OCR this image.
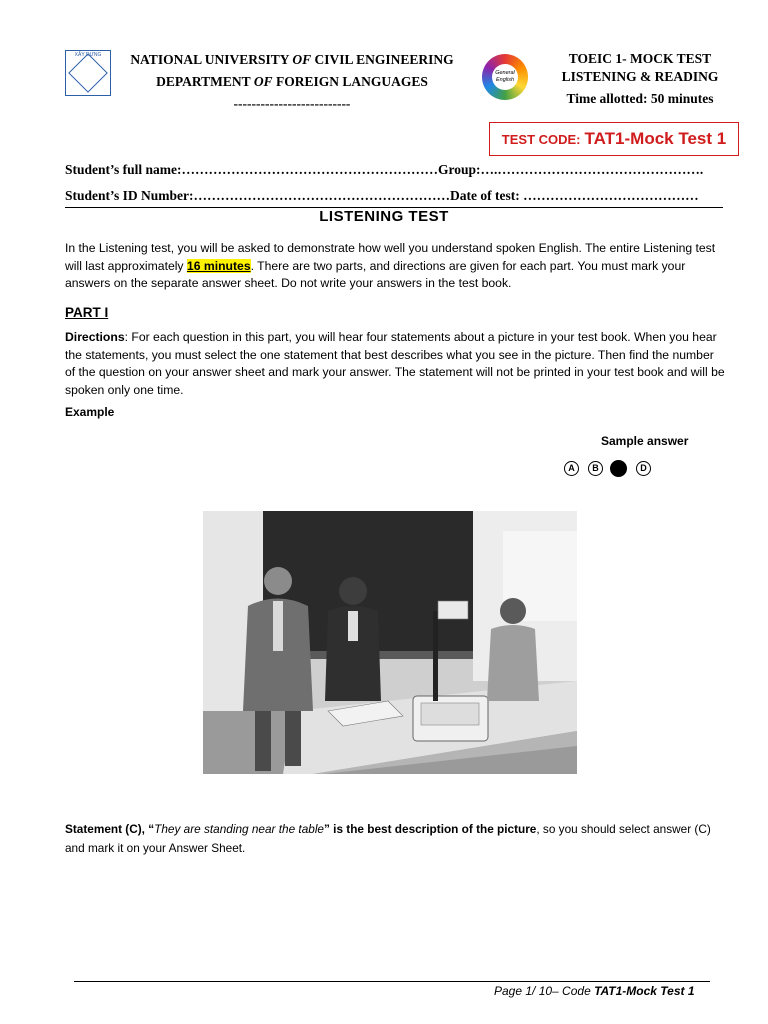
XÂY DỰNG	NATIONAL UNIVERSITY OF CIVIL ENGINEERING
DEPARTMENT OF FOREIGN LANGUAGES
--------------------------
General English
TOEIC 1- MOCK TEST
LISTENING & READING
Time allotted: 50 minutes
TEST CODE: TAT1-Mock Test 1
Student’s full name:…………………………………………………Group:….……………………………………….
Student’s ID Number:…………………………………………………Date of test: …………………………………
LISTENING TEST
In the Listening test, you will be asked to demonstrate how well you understand spoken English. The entire Listening test will last approximately 16 minutes. There are two parts, and directions are given for each part. You must mark your answers on the separate answer sheet. Do not write your answers in the test book.
PART I
Directions: For each question in this part, you will hear four statements about a picture in your test book. When you hear the statements, you must select the one statement that best describes what you see in the picture. Then find the number of the question on your answer sheet and mark your answer. The statement will not be printed in your test book and will be spoken only one time.
Example
Sample answer
A	B	D
Statement (C), “They are standing near the table” is the best description of the picture, so you should select answer (C) and mark it on your Answer Sheet.
Page 1/ 10– Code TAT1-Mock Test 1
